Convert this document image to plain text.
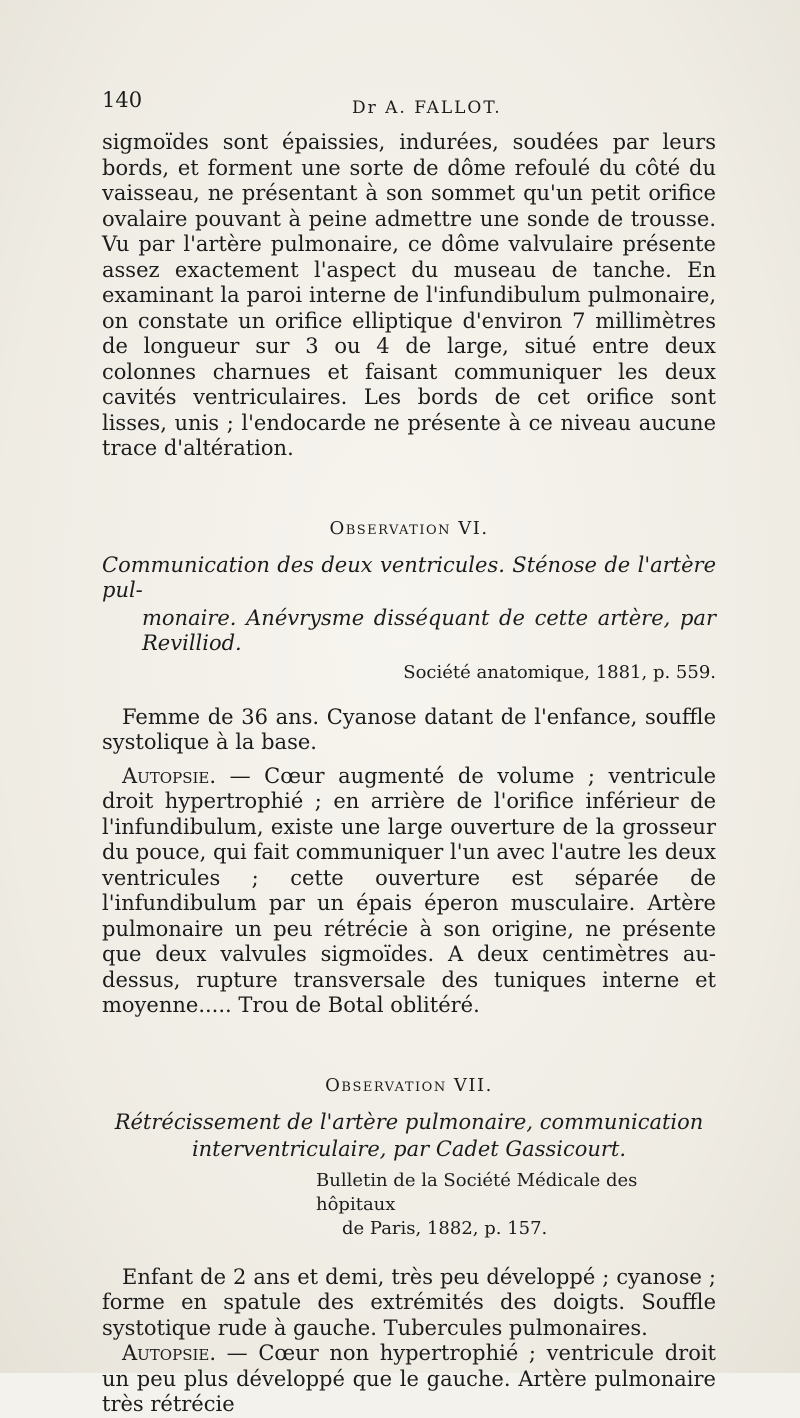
140	Dr A. FALLOT.

sigmoïdes sont épaissies, indurées, soudées par leurs bords, et forment une sorte de dôme refoulé du côté du vaisseau, ne présentant à son sommet qu'un petit orifice ovalaire pouvant à peine admettre une sonde de trousse. Vu par l'artère pulmonaire, ce dôme valvulaire présente assez exactement l'aspect du museau de tanche. En examinant la paroi interne de l'infundibulum pulmonaire, on constate un orifice elliptique d'environ 7 millimètres de longueur sur 3 ou 4 de large, situé entre deux colonnes charnues et faisant communiquer les deux cavités ventriculaires. Les bords de cet orifice sont lisses, unis ; l'endocarde ne présente à ce niveau aucune trace d'altération.

Observation VI.

Communication des deux ventricules. Sténose de l'artère pul-

monaire. Anévrysme disséquant de cette artère, par Revilliod.

Société anatomique, 1881, p. 559.

Femme de 36 ans. Cyanose datant de l'enfance, souffle systolique à la base.

Autopsie. — Cœur augmenté de volume ; ventricule droit hypertrophié ; en arrière de l'orifice inférieur de l'infundibulum, existe une large ouverture de la grosseur du pouce, qui fait communiquer l'un avec l'autre les deux ventricules ; cette ouverture est séparée de l'infundibulum par un épais éperon musculaire. Artère pulmonaire un peu rétrécie à son origine, ne présente que deux valvules sigmoïdes. A deux centimètres au-dessus, rupture transversale des tuniques interne et moyenne..... Trou de Botal oblitéré.

Observation VII.

Rétrécissement de l'artère pulmonaire, communication

interventriculaire, par Cadet Gassicourt.

Bulletin de la Société Médicale des hôpitaux
de Paris, 1882, p. 157.

Enfant de 2 ans et demi, très peu développé ; cyanose ; forme en spatule des extrémités des doigts. Souffle systotique rude à gauche. Tubercules pulmonaires.

Autopsie. — Cœur non hypertrophié ; ventricule droit un peu plus développé que le gauche. Artère pulmonaire très rétrécie
